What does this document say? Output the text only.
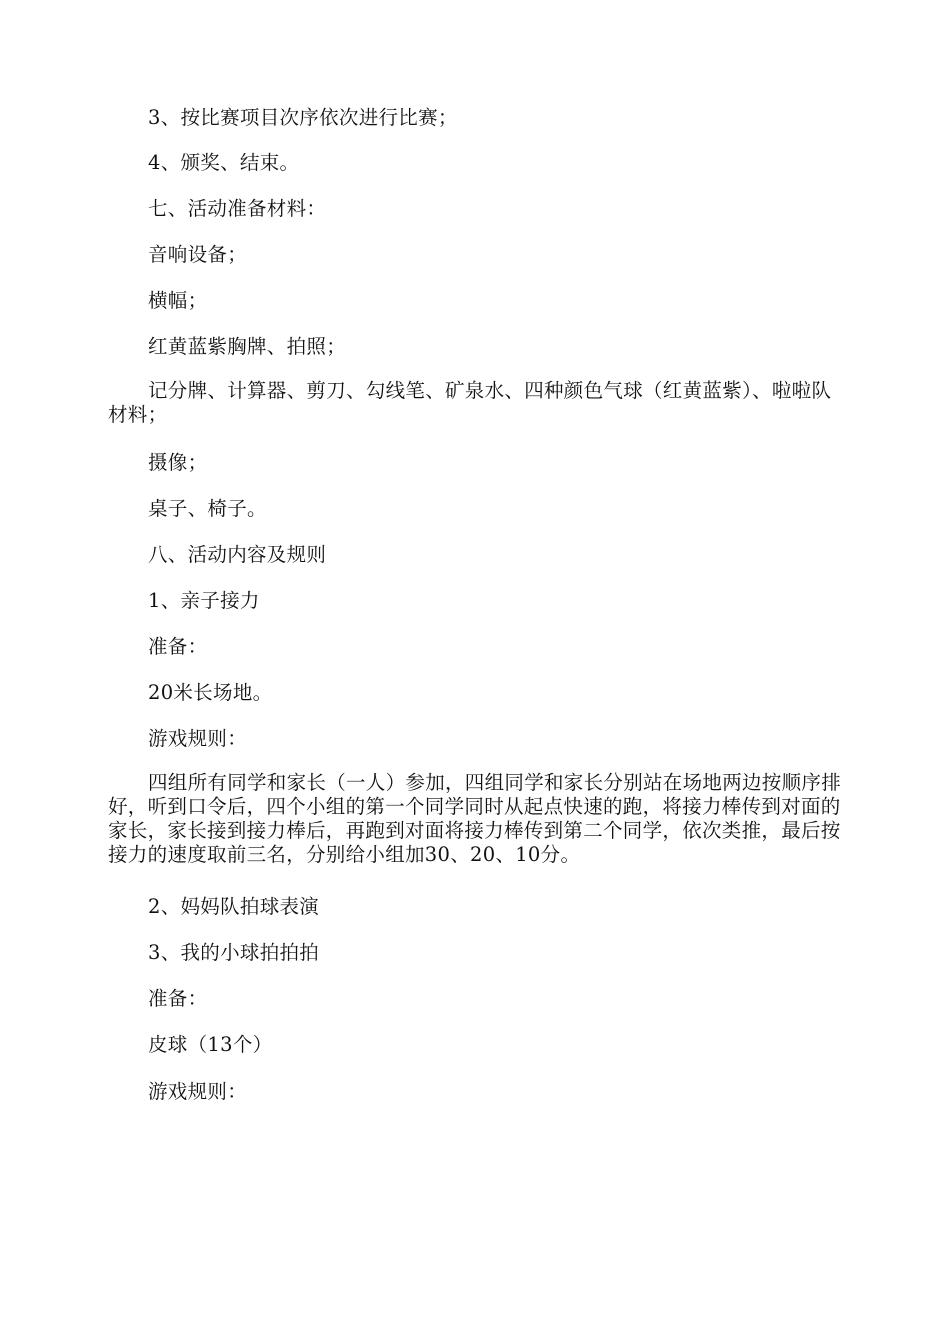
3、按比赛项目次序依次进行比赛；

4、颁奖、结束。

七、活动准备材料：

音响设备；

横幅；

红黄蓝紫胸牌、拍照；

记分牌、计算器、剪刀、勾线笔、矿泉水、四种颜色气球（红黄蓝紫）、啦啦队材料；

摄像；

桌子、椅子。

八、活动内容及规则

1、亲子接力

准备：

20米长场地。

游戏规则：

四组所有同学和家长（一人）参加，四组同学和家长分别站在场地两边按顺序排好，听到口令后，四个小组的第一个同学同时从起点快速的跑，将接力棒传到对面的家长，家长接到接力棒后，再跑到对面将接力棒传到第二个同学，依次类推，最后按接力的速度取前三名，分别给小组加30、20、10分。

2、妈妈队拍球表演

3、我的小球拍拍拍

准备：

皮球（13个）

游戏规则：
